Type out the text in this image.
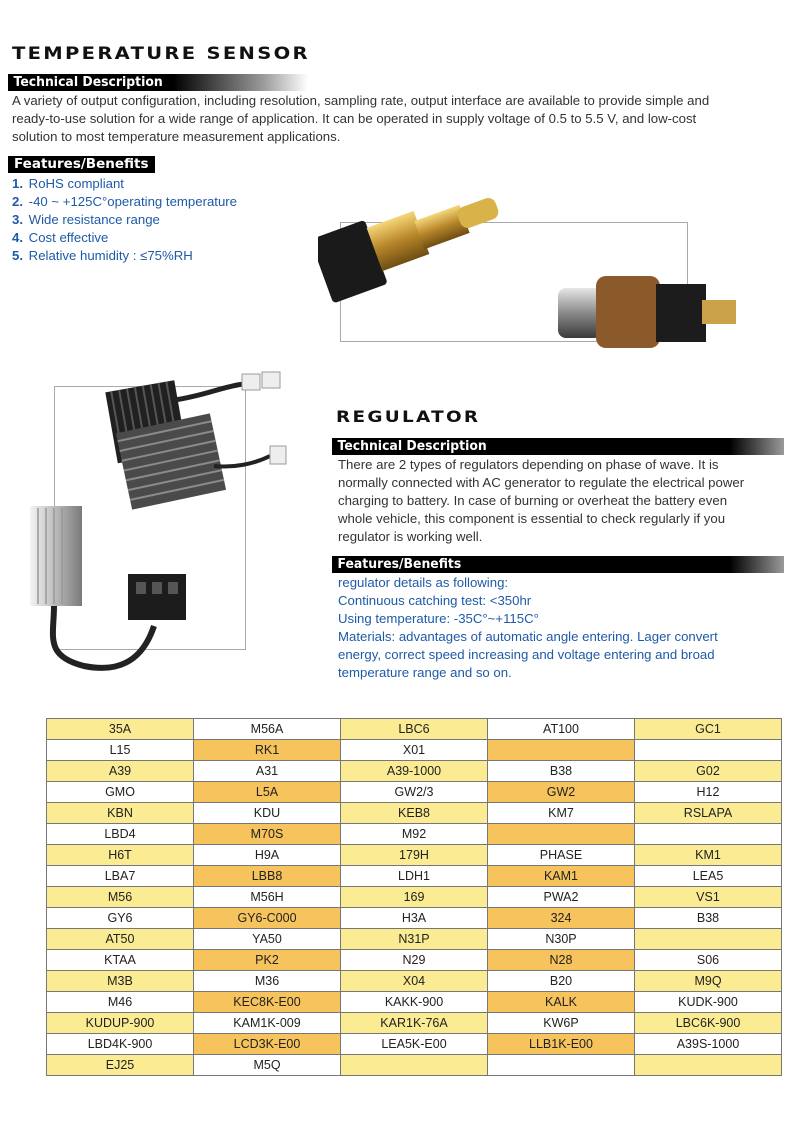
TEMPERATURE SENSOR
Technical Description
A variety of output configuration, including resolution, sampling rate, output interface are available to provide simple and ready-to-use solution for a wide range of application. It can be operated in supply voltage of 0.5 to 5.5 V, and low-cost solution to most temperature measurement applications.
Features/Benefits
1. RoHS compliant
2. -40 ~ +125C°operating temperature
3. Wide resistance range
4. Cost effective
5. Relative humidity : ≤75%RH
REGULATOR
Technical Description
There are 2 types of regulators depending on phase of wave. It is normally connected with AC generator to regulate the electrical power charging to battery. In case of burning or overheat the battery even whole vehicle, this component is essential to check regularly if you regulator is working well.
Features/Benefits
regulator details as following:
Continuous catching test: <350hr
Using temperature: -35C°~+115C°
Materials: advantages of automatic angle entering. Lager convert energy, correct speed increasing and voltage entering and broad temperature range and so on.
35A	M56A	LBC6	AT100	GC1
L15	RK1	X01		
A39	A31	A39-1000	B38	G02
GMO	L5A	GW2/3	GW2	H12
KBN	KDU	KEB8	KM7	RSLAPA
LBD4	M70S	M92		
H6T	H9A	179H	PHASE	KM1
LBA7	LBB8	LDH1	KAM1	LEA5
M56	M56H	169	PWA2	VS1
GY6	GY6-C000	H3A	324	B38
AT50	YA50	N31P	N30P	
KTAA	PK2	N29	N28	S06
M3B	M36	X04	B20	M9Q
M46	KEC8K-E00	KAKK-900	KALK	KUDK-900
KUDUP-900	KAM1K-009	KAR1K-76A	KW6P	LBC6K-900
LBD4K-900	LCD3K-E00	LEA5K-E00	LLB1K-E00	A39S-1000
EJ25	M5Q			
